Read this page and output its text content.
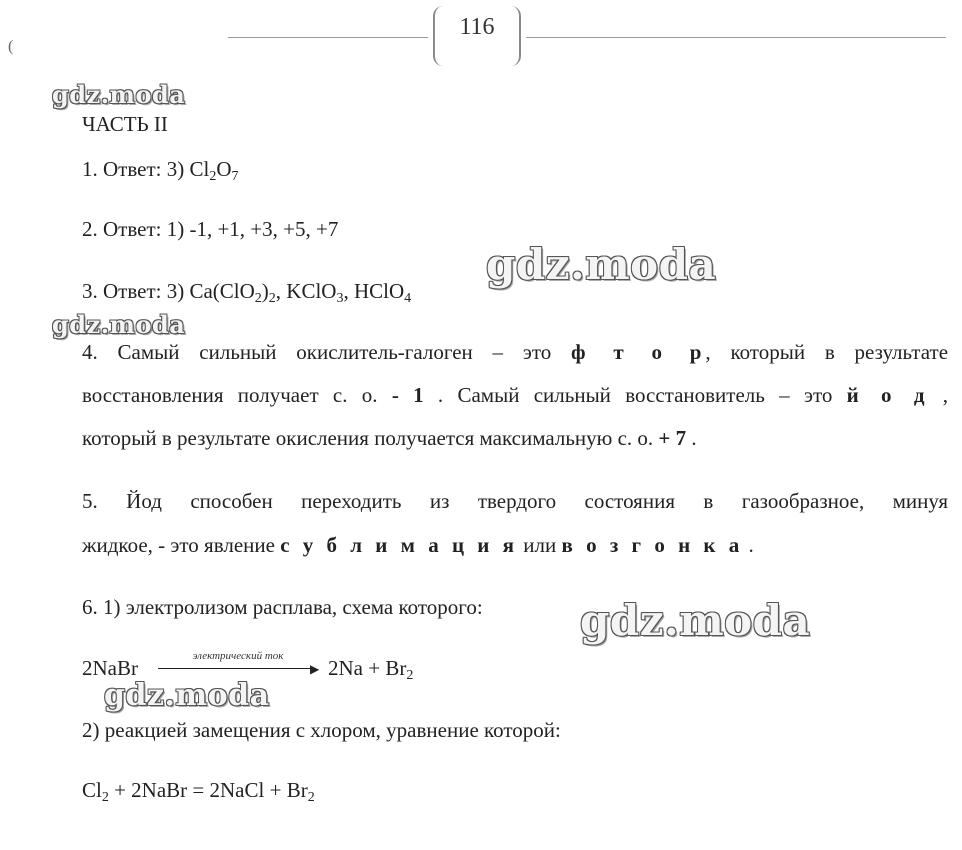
116
(
gdz.moda
gdz.moda
gdz.moda
gdz.moda
gdz.moda
ЧАСТЬ II
1. Ответ: 3) $Cl_2O_7$
2. Ответ: 1) -1, +1, +3, +5, +7
3. Ответ: 3) $Ca(ClO_2)_2$, KClO$_3$, HClO$_4$
4. Самый сильный окислитель-галоген – это ф т о р, который в результате
восстановления получает с. о. - 1 . Самый сильный восстановитель – это й о д ,
который в результате окисления получается максимальную с. о. + 7 .
5. Йод способен переходить из твердого состояния в газообразное, минуя
жидкое, - это явление с у б л и м а ц и я или в о з г о н к а .
6. 1) электролизом расплава, схема которого:
2NaBr	электрический ток
▶ $2Na + Br_2$
2) реакцией замещения с хлором, уравнение которой:
$Cl_2$ + 2NaBr = 2NaCl + $Br_2$
